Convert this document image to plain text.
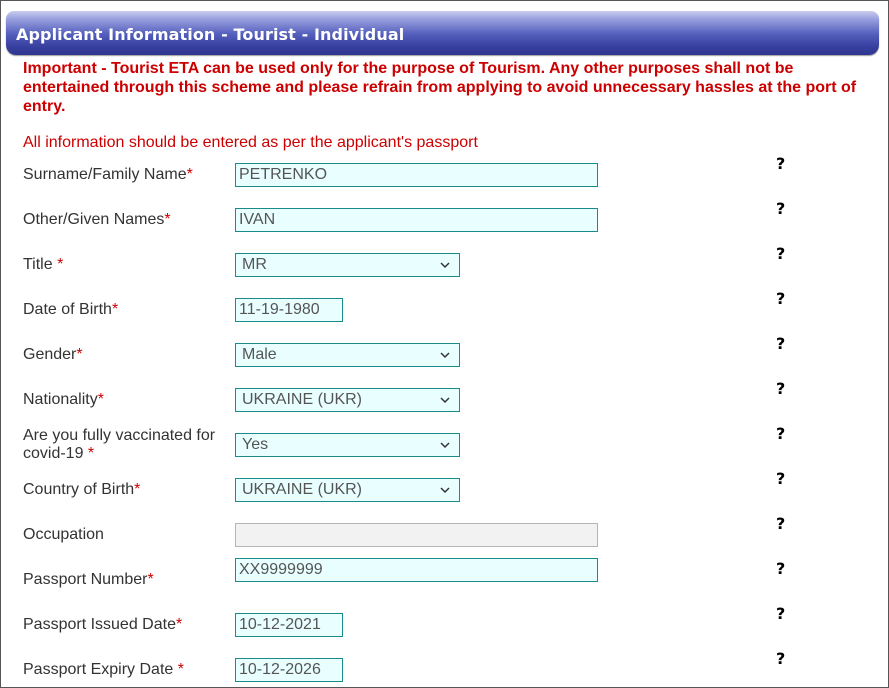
Applicant Information - Tourist - Individual
Important - Tourist ETA can be used only for the purpose of Tourism. Any other purposes shall not be entertained through this scheme and please refrain from applying to avoid unnecessary hassles at the port of entry.
All information should be entered as per the applicant's passport
Surname/Family Name*
PETRENKO
?
Other/Given Names*
IVAN
?
Title *	MR
?
Date of Birth*
11-19-1980
?
Gender*	Male
?
Nationality*	UKRAINE (UKR)
?
Are you fully vaccinated for covid-19 *
Yes
?
Country of Birth*	UKRAINE (UKR)
?
Occupation
?
Passport Number*
XX9999999
?
Passport Issued Date*
10-12-2021
?
Passport Expiry Date *
10-12-2026
?
